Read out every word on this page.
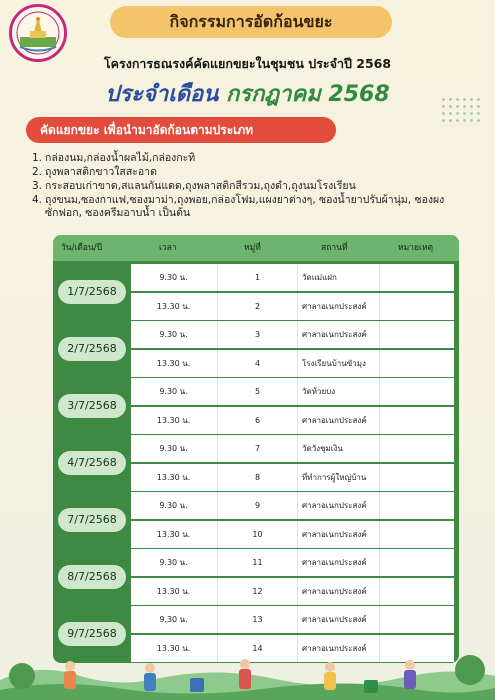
กิจกรรมการอัดก้อนขยะ
โครงการธณรงค์คัดแยกขยะในชุมชน ประจำปี 2568
ประจำเดือน กรกฎาคม 2568
คัดแยกขยะ เพื่อนำมาอัดก้อนตามประเภท
1. กล่องนม,กล่องน้ำผลไม้,กล่องกะทิ
2. ถุงพลาสติกขาวใสสะอาด
3. กระสอบเก่าขาด,สแลนกันแดด,ถุงพลาสติกสีรวม,ถุงดำ,ถุงนมโรงเรียน
4. ถุงขนม,ซองกาแฟ,ซองมาม่า,ถุงพอย,กล่องโฟม,แผงยาต่างๆ, ซองน้ำยาปรับผ้านุ่ม, ซองผงซักฟอก, ซองครีมอาบน้ำ เป็นต้น
วัน/เดือน/ปี	เวลา	หมู่ที่	สถานที่	หมายเหตุ
1/7/2568
9.30 น.	1	วัดแม่แฝก
13.30 น.	2	ศาลาอเนกประสงค์
2/7/2568
9.30 น.	3	ศาลาอเนกประสงค์
13.30 น.	4	โรงเรียนบ้านขัวมุง
3/7/2568
9.30 น.	5	วัดห้วยบง
13.30 น.	6	ศาลาอเนกประสงค์
4/7/2568
9.30 น.	7	วัดวังชุมเงิน
13.30 น.	8	ที่ทำการผู้ใหญ่บ้าน
7/7/2568
9.30 น.	9	ศาลาอเนกประสงค์
13.30 น.	10	ศาลาอเนกประสงค์
8/7/2568
9.30 น.	11	ศาลาอเนกประสงค์
13.30 น.	12	ศาลาอเนกประสงค์
9/7/2568
9.30 น.	13	ศาลาอเนกประสงค์
13.30 น.	14	ศาลาอเนกประสงค์
